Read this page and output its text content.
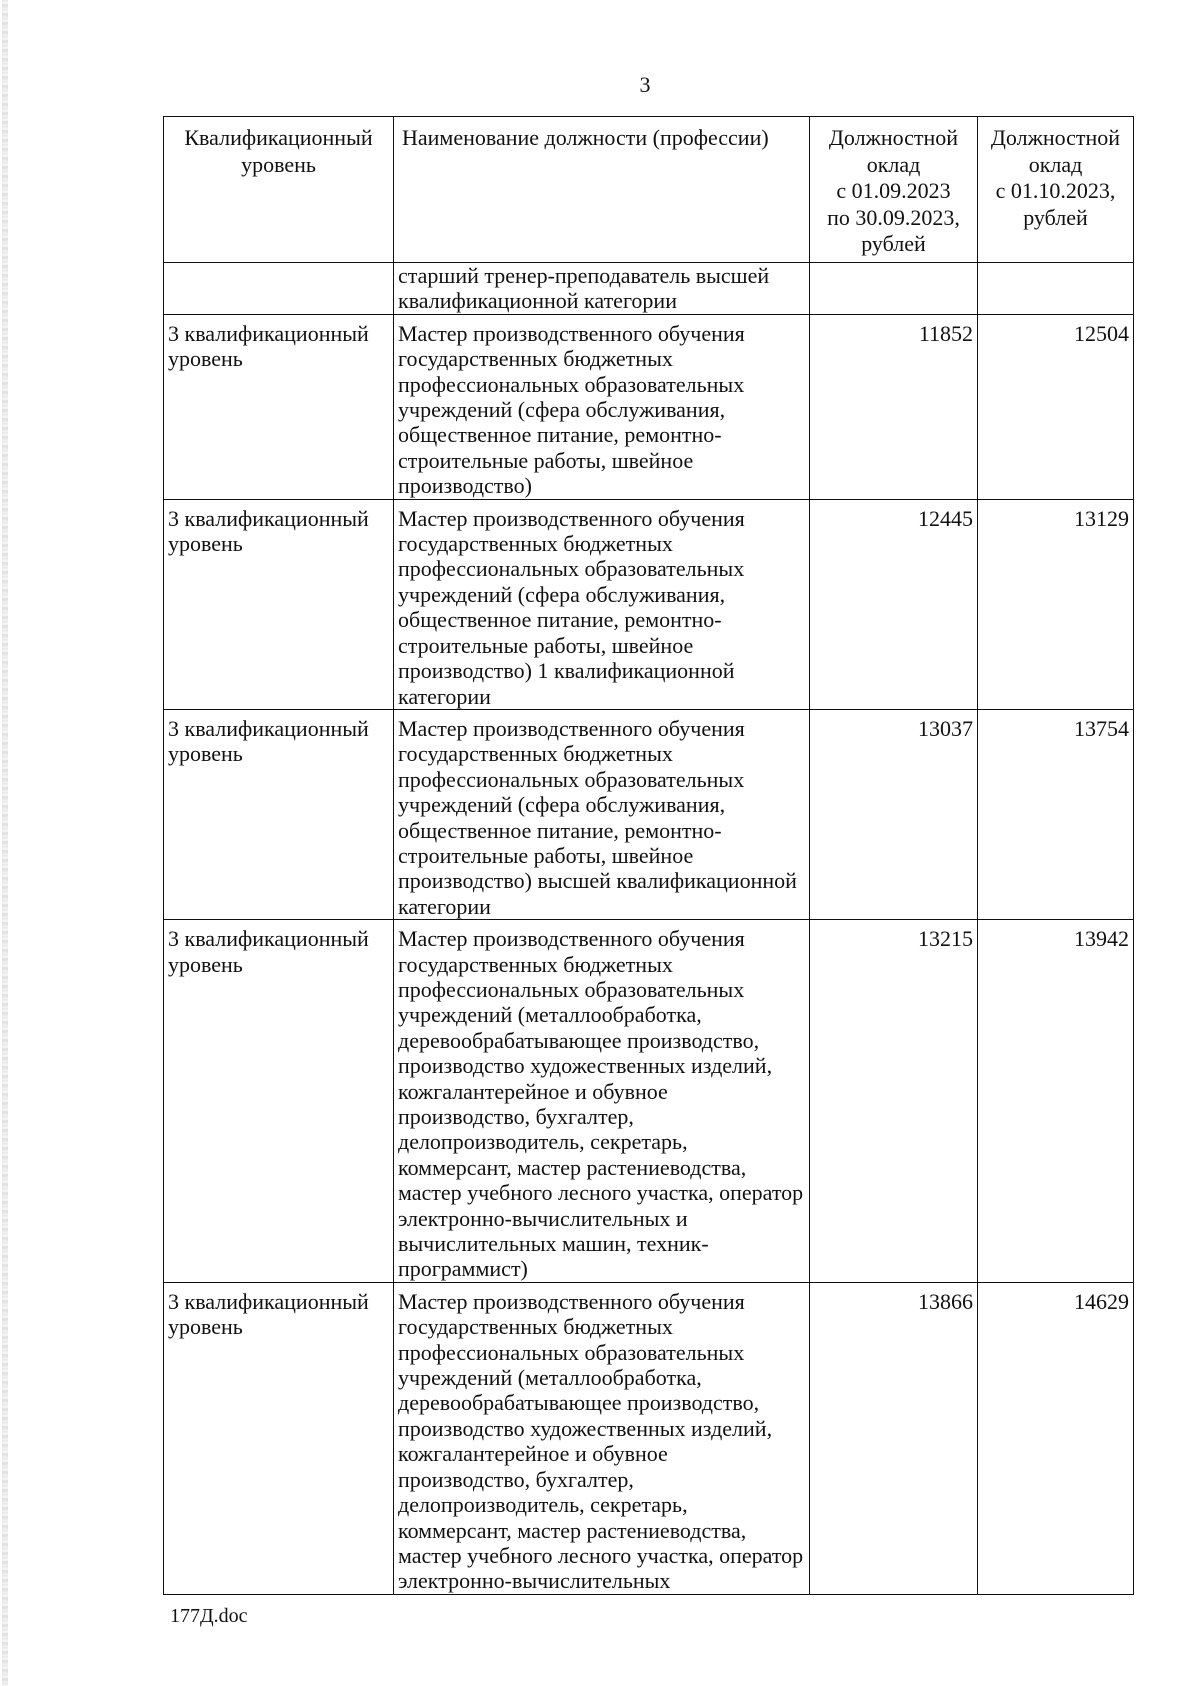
3
Квалификационный уровень	Наименование должности (профессии)	Должностной
оклад
с 01.09.2023
по 30.09.2023,
рублей	Должностной
оклад
с 01.10.2023,
рублей

	старший тренер-преподаватель высшей квалификационной категории		
3 квалификационный уровень	Мастер производственного обучения государственных бюджетных профессиональных образовательных учреждений (сфера обслуживания, общественное питание, ремонтно-строительные работы, швейное производство)	11852	12504
3 квалификационный уровень	Мастер производственного обучения государственных бюджетных профессиональных образовательных учреждений (сфера обслуживания, общественное питание, ремонтно-строительные работы, швейное производство) 1 квалификационной категории	12445	13129
3 квалификационный уровень	Мастер производственного обучения государственных бюджетных профессиональных образовательных учреждений (сфера обслуживания, общественное питание, ремонтно-строительные работы, швейное производство) высшей квалификационной категории	13037	13754
3 квалификационный уровень	Мастер производственного обучения государственных бюджетных профессиональных образовательных учреждений (металлообработка, деревообрабатывающее производство, производство художественных изделий, кожгалантерейное и обувное производство, бухгалтер, делопроизводитель, секретарь, коммерсант, мастер растениеводства, мастер учебного лесного участка, оператор электронно-вычислительных и вычислительных машин, техник-программист)	13215	13942
3 квалификационный уровень	Мастер производственного обучения государственных бюджетных профессиональных образовательных учреждений (металлообработка, деревообрабатывающее производство, производство художественных изделий, кожгалантерейное и обувное производство, бухгалтер, делопроизводитель, секретарь, коммерсант, мастер растениеводства, мастер учебного лесного участка, оператор электронно-вычислительных	13866	14629
177Д.doc
